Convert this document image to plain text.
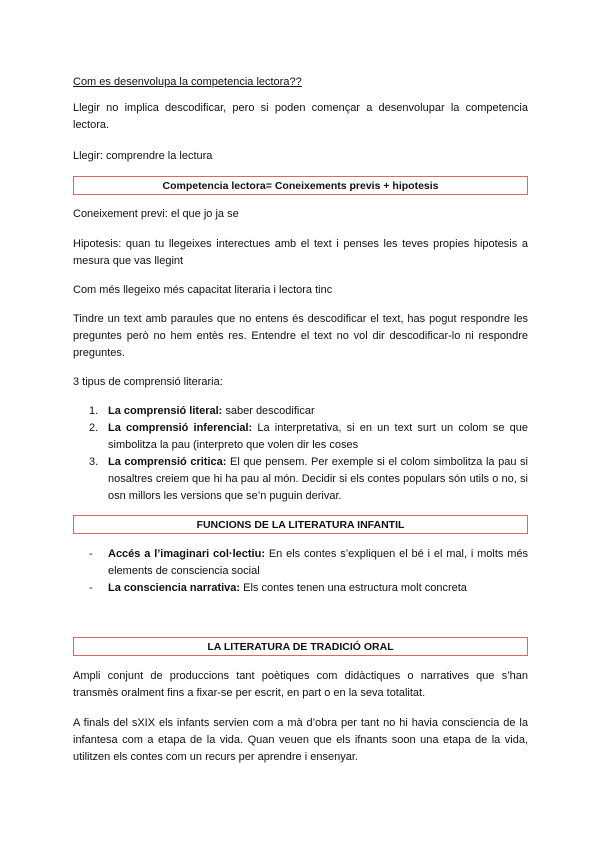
Com es desenvolupa la competencia lectora??

Llegir no implica descodificar, pero si poden començar a desenvolupar la competencia lectora.

Llegir: comprendre la lectura

Competencia lectora= Coneixements previs + hipotesis

Coneixement previ: el que jo ja se

Hipotesis: quan tu llegeixes interectues amb el text i penses les teves propies hipotesis a mesura que vas llegint

Com més llegeixo més capacitat literaria i lectora tinc

Tindre un text amb paraules que no entens és descodificar el text, has pogut respondre les preguntes però no hem entès res. Entendre el text no vol dir descodificar-lo ni respondre preguntes.

3 tipus de comprensió literaria:

1. La comprensió literal: saber descodificar
2. La comprensió inferencial: La interpretativa, si en un text surt un colom se que simbolitza la pau (interpreto que volen dir les coses
3. La comprensió critica: El que pensem. Per exemple si el colom simbolitza la pau si nosaltres creiem que hi ha pau al món. Decidir si els contes populars són utils o no, si osn millors les versions que se’n puguin derivar.
FUNCIONS DE LA LITERATURA INFANTIL
- Accés a l’imaginari col·lectiu: En els contes s’expliquen el bé i el mal, i molts més elements de consciencia social
- La consciencia narrativa: Els contes tenen una estructura molt concreta
LA LITERATURA DE TRADICIÓ ORAL

Ampli conjunt de produccions tant poètiques com didàctiques o narratives que s’han transmès oralment fins a fixar-se per escrit, en part o en la seva totalitat.

A finals del sXIX els infants servien com a mà d’obra per tant no hi havia consciencia de la infantesa com a etapa de la vida. Quan veuen que els ifnants soon una etapa de la vida, utilitzen els contes com un recurs per aprendre i ensenyar.
